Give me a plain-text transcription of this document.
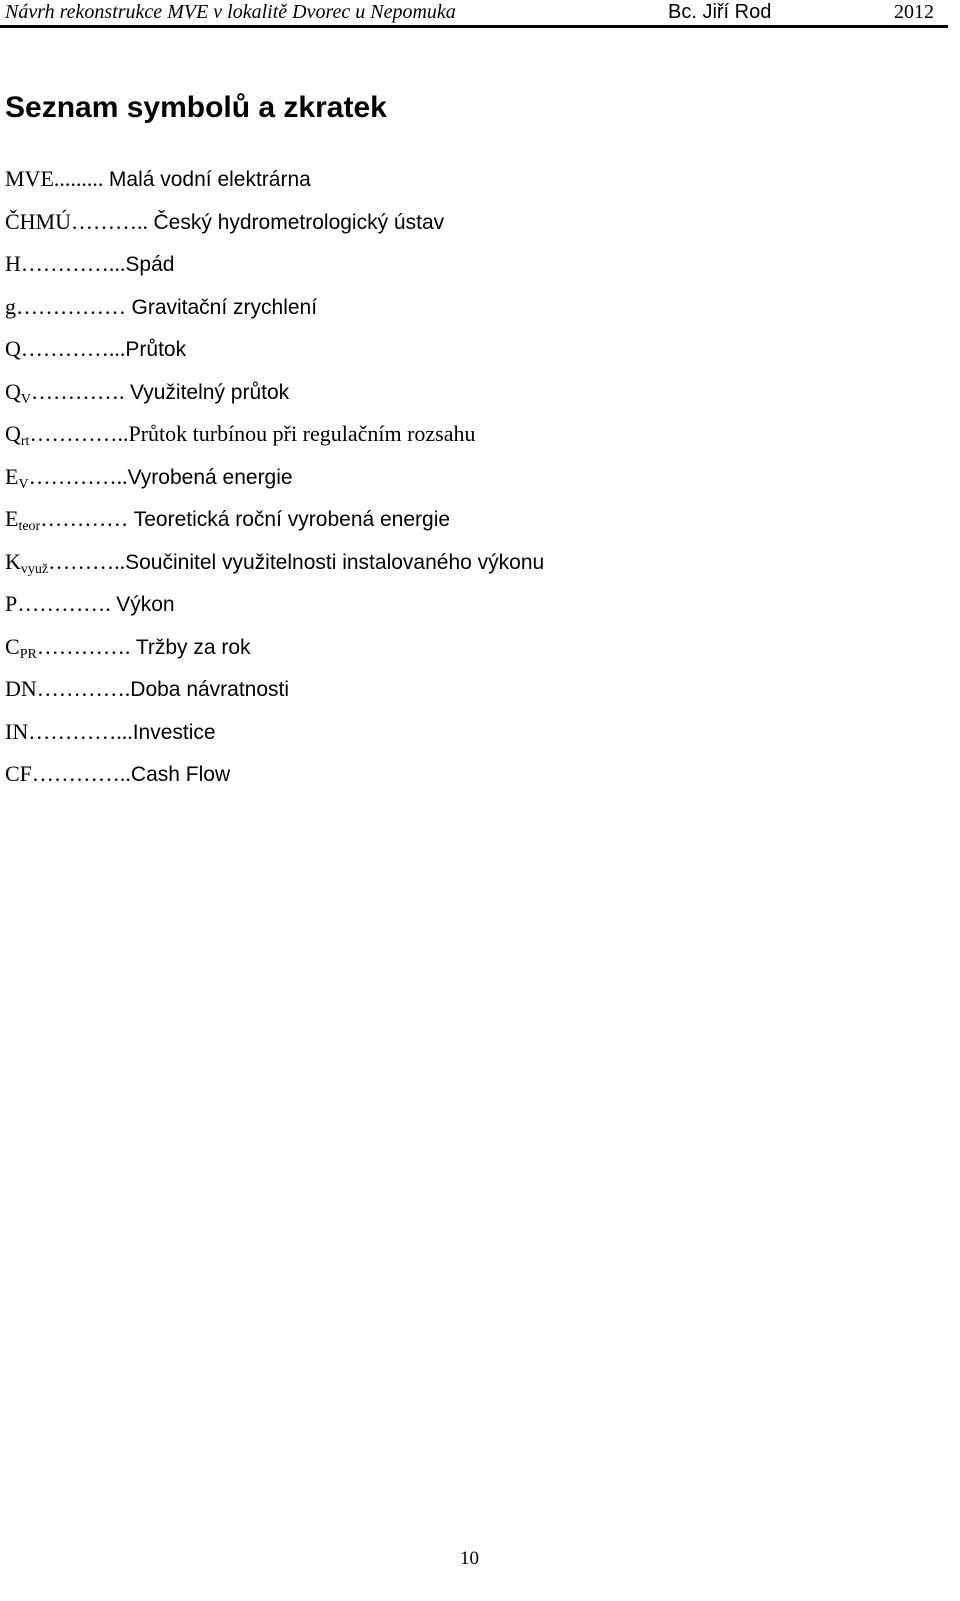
Návrh rekonstrukce MVE v lokalitě Dvorec u Nepomuka	Bc. Jiří Rod	2012
Seznam symbolů a zkratek
MVE......... Malá vodní elektrárna
ČHMÚ……….. Český hydrometrologický ústav
H…………...Spád
g…………… Gravitační zrychlení
Q…………...Průtok
$Q_V\dots\dots\dots\dots$. Využitelný průtok
$Q_{rt}\dots\dots\dots\dots..Průtok$ turbínou při regulačním rozsahu
$E_V\dots\dots\dots\dots..Vyrobená$ energie
$E_{teor}\dots\dots\dots\dots$ Teoretická roční vyrobená energie
$K_{využ}\dots\dots\dots..Součinitel$ využitelnosti instalovaného výkonu
P…………. Výkon
$C_{PR}\dots\dots\dots\dots$. Tržby za rok
DN………….Doba návratnosti
IN…………...Investice
CF…………..Cash Flow
10
